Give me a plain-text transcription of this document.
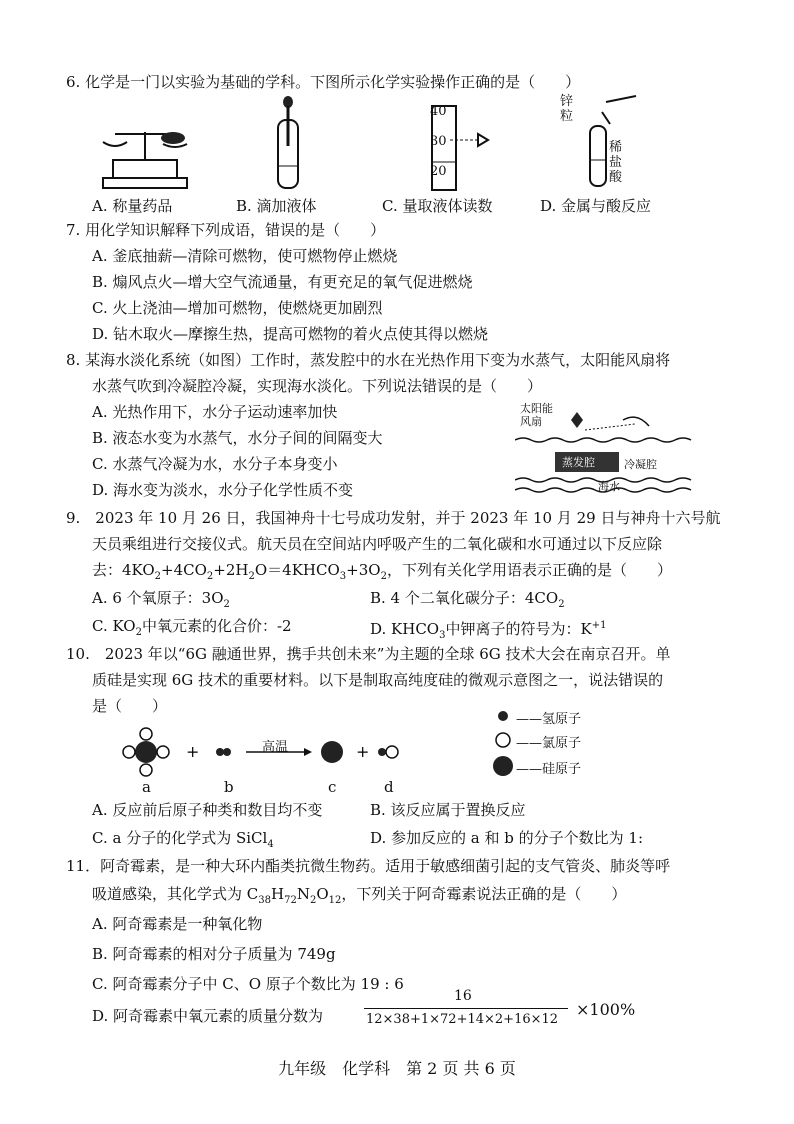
6. 化学是一门以实验为基础的学科。下图所示化学实验操作正确的是（　　）
40
30
20
锌粒
稀盐酸
A. 称量药品	B. 滴加液体	C. 量取液体读数	D. 金属与酸反应
7. 用化学知识解释下列成语，错误的是（　　）
A. 釜底抽薪—清除可燃物，使可燃物停止燃烧
B. 煽风点火—增大空气流通量，有更充足的氧气促进燃烧
C. 火上浇油—增加可燃物，使燃烧更加剧烈
D. 钻木取火—摩擦生热，提高可燃物的着火点使其得以燃烧
8. 某海水淡化系统（如图）工作时，蒸发腔中的水在光热作用下变为水蒸气，太阳能风扇将
水蒸气吹到冷凝腔冷凝，实现海水淡化。下列说法错误的是（　　）
A. 光热作用下，水分子运动速率加快
B. 液态水变为水蒸气，水分子间的间隔变大
C. 水蒸气冷凝为水，水分子本身变小
D. 海水变为淡水，水分子化学性质不变
太阳能风扇
蒸发腔	冷凝腔
海水
9.　2023 年 10 月 26 日，我国神舟十七号成功发射，并于 2023 年 10 月 29 日与神舟十六号航
天员乘组进行交接仪式。航天员在空间站内呼吸产生的二氧化碳和水可通过以下反应除
去：$4KO_2+4CO_2+2H_2O=4KHCO_3+3O_2$，下列有关化学用语表示正确的是（　　）
A. 6 个氧原子：$3O_2$	B. 4 个二氧化碳分子：$4CO_2$
C. $KO_2$中氧元素的化合价：-2	D. $KHCO_3$中钾离子的符号为：$K^{+1}$
10.　2023 年以“6G 融通世界，携手共创未来”为主题的全球 6G 技术大会在南京召开。单
质硅是实现 6G 技术的重要材料。以下是制取高纯度硅的微观示意图之一，说法错误的
是（　　）
+	+
高温
a	b	c	d
——氢原子
——氯原子
——硅原子
A. 反应前后原子种类和数目均不变	B. 该反应属于置换反应
C. a 分子的化学式为 SiCl$_4$	D. 参加反应的 a 和 b 的分子个数比为 1:
11．阿奇霉素，是一种大环内酯类抗微生物药。适用于敏感细菌引起的支气管炎、肺炎等呼
吸道感染，其化学式为 $C_{38}H_{72}N_2O_{12}$，下列关于阿奇霉素说法正确的是（　　）
A. 阿奇霉素是一种氧化物
B. 阿奇霉素的相对分子质量为 749g
C. 阿奇霉素分子中 C、O 原子个数比为 19 : 6
D. 阿奇霉素中氧元素的质量分数为
16
12×38+1×72+14×2+16×12
×100%
九年级　化学科　第 2 页 共 6 页
